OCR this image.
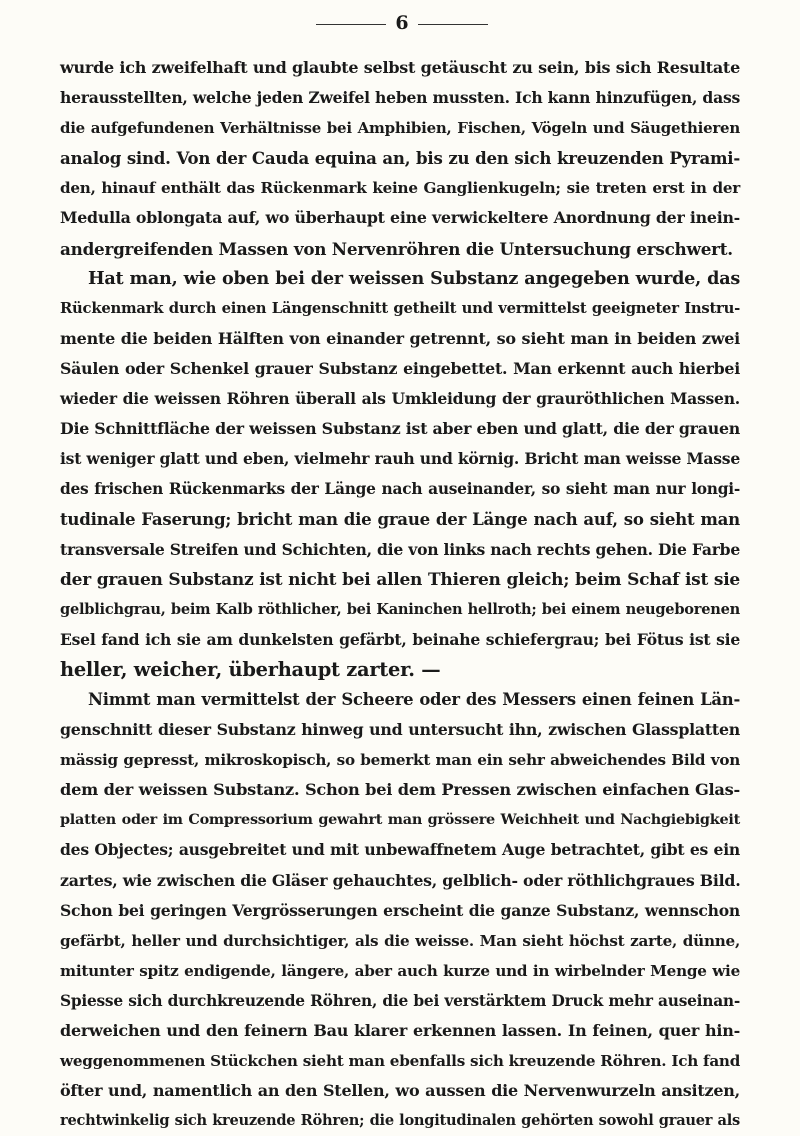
6
wurde ich zweifelhaft und glaubte selbst getäuscht zu sein, bis sich Resultate
herausstellten, welche jeden Zweifel heben mussten. Ich kann hinzufügen, dass
die aufgefundenen Verhältnisse bei Amphibien, Fischen, Vögeln und Säugethieren
analog sind. Von der Cauda equina an, bis zu den sich kreuzenden Pyrami-
den, hinauf enthält das Rückenmark keine Ganglienkugeln; sie treten erst in der
Medulla oblongata auf, wo überhaupt eine verwickeltere Anordnung der inein-
andergreifenden Massen von Nervenröhren die Untersuchung erschwert.
Hat man, wie oben bei der weissen Substanz angegeben wurde, das
Rückenmark durch einen Längenschnitt getheilt und vermittelst geeigneter Instru-
mente die beiden Hälften von einander getrennt, so sieht man in beiden zwei
Säulen oder Schenkel grauer Substanz eingebettet. Man erkennt auch hierbei
wieder die weissen Röhren überall als Umkleidung der grauröthlichen Massen.
Die Schnittfläche der weissen Substanz ist aber eben und glatt, die der grauen
ist weniger glatt und eben, vielmehr rauh und körnig. Bricht man weisse Masse
des frischen Rückenmarks der Länge nach auseinander, so sieht man nur longi-
tudinale Faserung; bricht man die graue der Länge nach auf, so sieht man
transversale Streifen und Schichten, die von links nach rechts gehen. Die Farbe
der grauen Substanz ist nicht bei allen Thieren gleich; beim Schaf ist sie
gelblichgrau, beim Kalb röthlicher, bei Kaninchen hellroth; bei einem neugeborenen
Esel fand ich sie am dunkelsten gefärbt, beinahe schiefergrau; bei Fötus ist sie
heller, weicher, überhaupt zarter. —
Nimmt man vermittelst der Scheere oder des Messers einen feinen Län-
genschnitt dieser Substanz hinweg und untersucht ihn, zwischen Glassplatten
mässig gepresst, mikroskopisch, so bemerkt man ein sehr abweichendes Bild von
dem der weissen Substanz. Schon bei dem Pressen zwischen einfachen Glas-
platten oder im Compressorium gewahrt man grössere Weichheit und Nachgiebigkeit
des Objectes; ausgebreitet und mit unbewaffnetem Auge betrachtet, gibt es ein
zartes, wie zwischen die Gläser gehauchtes, gelblich- oder röthlichgraues Bild.
Schon bei geringen Vergrösserungen erscheint die ganze Substanz, wennschon
gefärbt, heller und durchsichtiger, als die weisse. Man sieht höchst zarte, dünne,
mitunter spitz endigende, längere, aber auch kurze und in wirbelnder Menge wie
Spiesse sich durchkreuzende Röhren, die bei verstärktem Druck mehr auseinan-
derweichen und den feinern Bau klarer erkennen lassen. In feinen, quer hin-
weggenommenen Stückchen sieht man ebenfalls sich kreuzende Röhren. Ich fand
öfter und, namentlich an den Stellen, wo aussen die Nervenwurzeln ansitzen,
rechtwinkelig sich kreuzende Röhren; die longitudinalen gehörten sowohl grauer als
